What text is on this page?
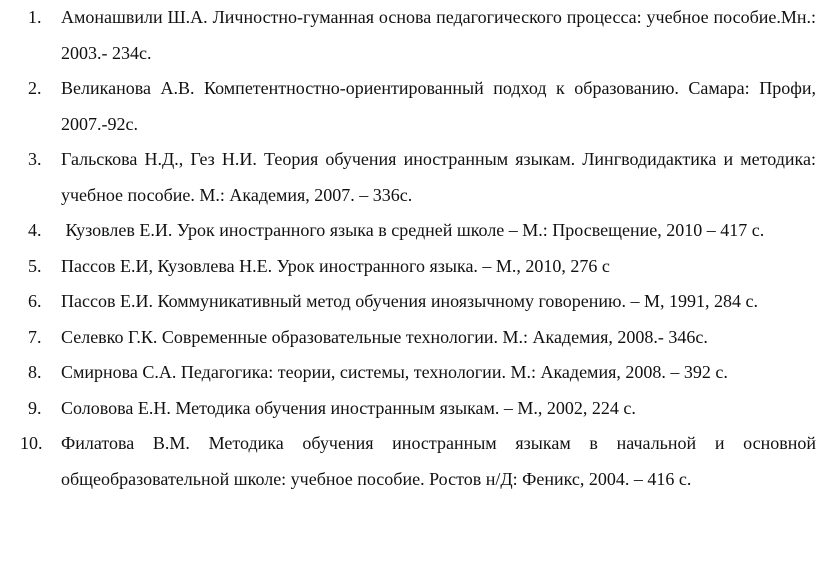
1. Амонашвили Ш.А. Личностно-гуманная основа педагогического процесса: учебное пособие.Мн.: 2003.- 234с.
2. Великанова А.В. Компетентностно-ориентированный подход к образованию. Самара: Профи, 2007.-92с.
3. Гальскова Н.Д., Гез Н.И. Теория обучения иностранным языкам. Лингводидактика и методика: учебное пособие. М.: Академия, 2007. – 336с.
4. Кузовлев Е.И. Урок иностранного языка в средней школе – М.: Просвещение, 2010 – 417 с.
5. Пассов Е.И, Кузовлева Н.Е. Урок иностранного языка. – М., 2010, 276 с
6. Пассов Е.И. Коммуникативный метод обучения иноязычному говорению. – М, 1991, 284 с.
7. Селевко Г.К. Современные образовательные технологии. М.: Академия, 2008.- 346с.
8. Смирнова С.А. Педагогика: теории, системы, технологии. М.: Академия, 2008. – 392 с.
9. Соловова Е.Н. Методика обучения иностранным языкам. – М., 2002, 224 с.
10. Филатова В.М. Методика обучения иностранным языкам в начальной и основной общеобразовательной школе: учебное пособие. Ростов н/Д: Феникс, 2004. – 416 с.
